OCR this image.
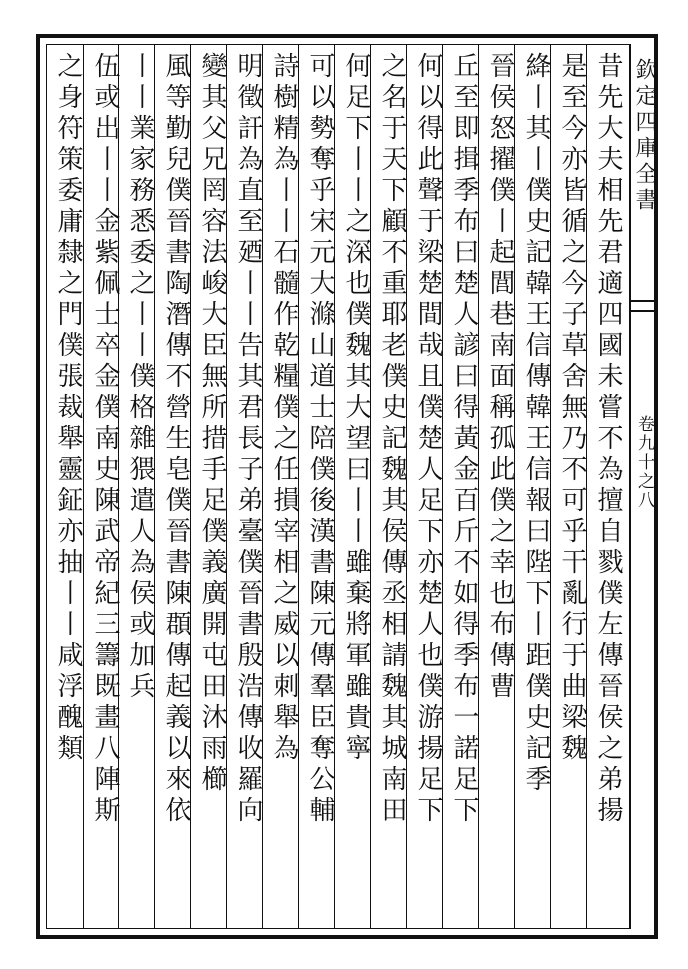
欽定四庫全書
卷九十之八
昔先大夫相先君適四國未嘗不為擅自戮僕左傳晉侯之弟揚
是至今亦皆循之今子草舍無乃不可乎干亂行于曲梁魏
絳丨其丨僕史記韓王信傳韓王信報曰陛下丨距僕史記季
晉侯怒擢僕丨起閭巷南面稱孤此僕之幸也布傳曹
丘至即揖季布曰楚人諺曰得黃金百斤不如得季布一諾足下
何以得此聲于梁楚間哉且僕楚人足下亦楚人也僕游揚足下
之名于天下顧不重耶老僕史記魏其侯傳丞相請魏其城南田
何足下丨丨之深也僕魏其大望曰丨丨雖棄將軍雖貴寧
可以勢奪乎宋元大滌山道士陪僕後漢書陳元傳羣臣奪公輔
詩樹精為丨丨石髓作乾糧僕之任損宰相之威以刺舉為
明徵訐為直至廼丨丨告其君長子弟臺僕晉書殷浩傳收羅向
變其父兄罔容法峻大臣無所措手足僕義廣開屯田沐雨櫛
風等勤兒僕晉書陶潛傳不營生皂僕晉書陳頵傳起義以來依
丨丨業家務悉委之丨丨僕格雜猥遣人為侯或加兵
伍或出丨丨金紫佩士卒金僕南史陳武帝紀三籌既畫八陣斯
之身符策委庸隸之門僕張裁舉靈鉦亦抽丨丨咸浮醜類
